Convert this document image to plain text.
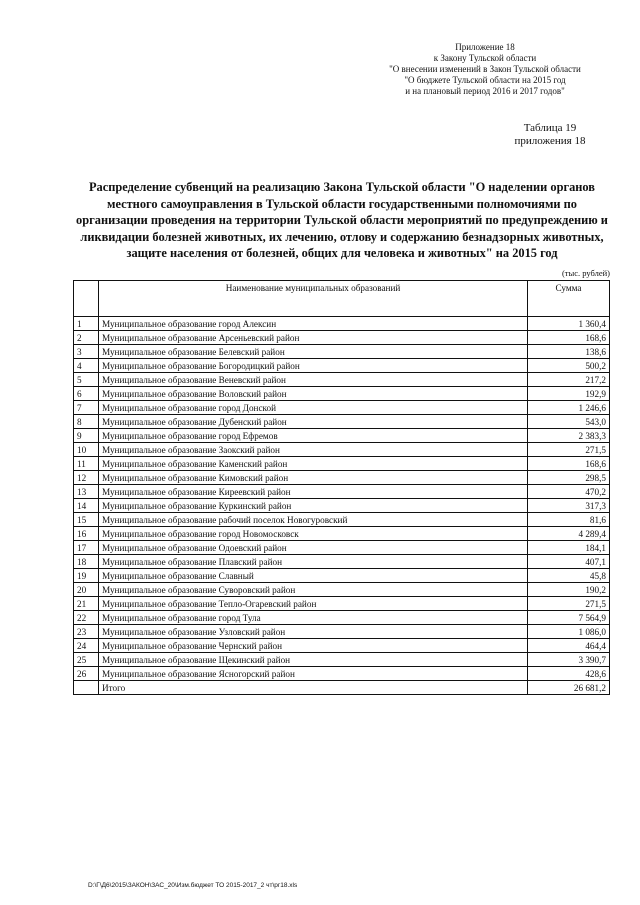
Приложение 18
к Закону Тульской области
"О внесении изменений в Закон Тульской области
"О бюджете Тульской области на 2015 год
и на плановый период 2016 и 2017 годов"
Таблица 19
приложения 18
Распределение субвенций на реализацию Закона Тульской области "О наделении органов местного самоуправления в Тульской области государственными полномочиями по организации проведения на территории Тульской области мероприятий по предупреждению и ликвидации болезней животных, их лечению, отлову и содержанию безнадзорных животных, защите населения от болезней, общих для человека и животных" на 2015 год
(тыс. рублей)
	Наименование муниципальных образований	Сумма
1	Муниципальное образование город Алексин	1 360,4
2	Муниципальное образование Арсеньевский район	168,6
3	Муниципальное образование Белевский район	138,6
4	Муниципальное образование Богородицкий район	500,2
5	Муниципальное образование Веневский район	217,2
6	Муниципальное образование Воловский район	192,9
7	Муниципальное образование город Донской	1 246,6
8	Муниципальное образование Дубенский район	543,0
9	Муниципальное образование город Ефремов	2 383,3
10	Муниципальное образование Заокский район	271,5
11	Муниципальное образование Каменский район	168,6
12	Муниципальное образование Кимовский район	298,5
13	Муниципальное образование Киреевский район	470,2
14	Муниципальное образование Куркинский район	317,3
15	Муниципальное образование рабочий поселок Новогуровский	81,6
16	Муниципальное образование город Новомосковск	4 289,4
17	Муниципальное образование Одоевский район	184,1
18	Муниципальное образование Плавский район	407,1
19	Муниципальное образование Славный	45,8
20	Муниципальное образование Суворовский район	190,2
21	Муниципальное образование Тепло-Огаревский район	271,5
22	Муниципальное образование город Тула	7 564,9
23	Муниципальное образование Узловский район	1 086,0
24	Муниципальное образование Чернский район	464,4
25	Муниципальное образование Щекинский район	3 390,7
26	Муниципальное образование Ясногорский район	428,6
	Итого	26 681,2
D:\Г\Д6\2015\ЗАКОН\ЗАС_20\Изм.бюджет ТО 2015-2017_2 чт\рг18.xls
